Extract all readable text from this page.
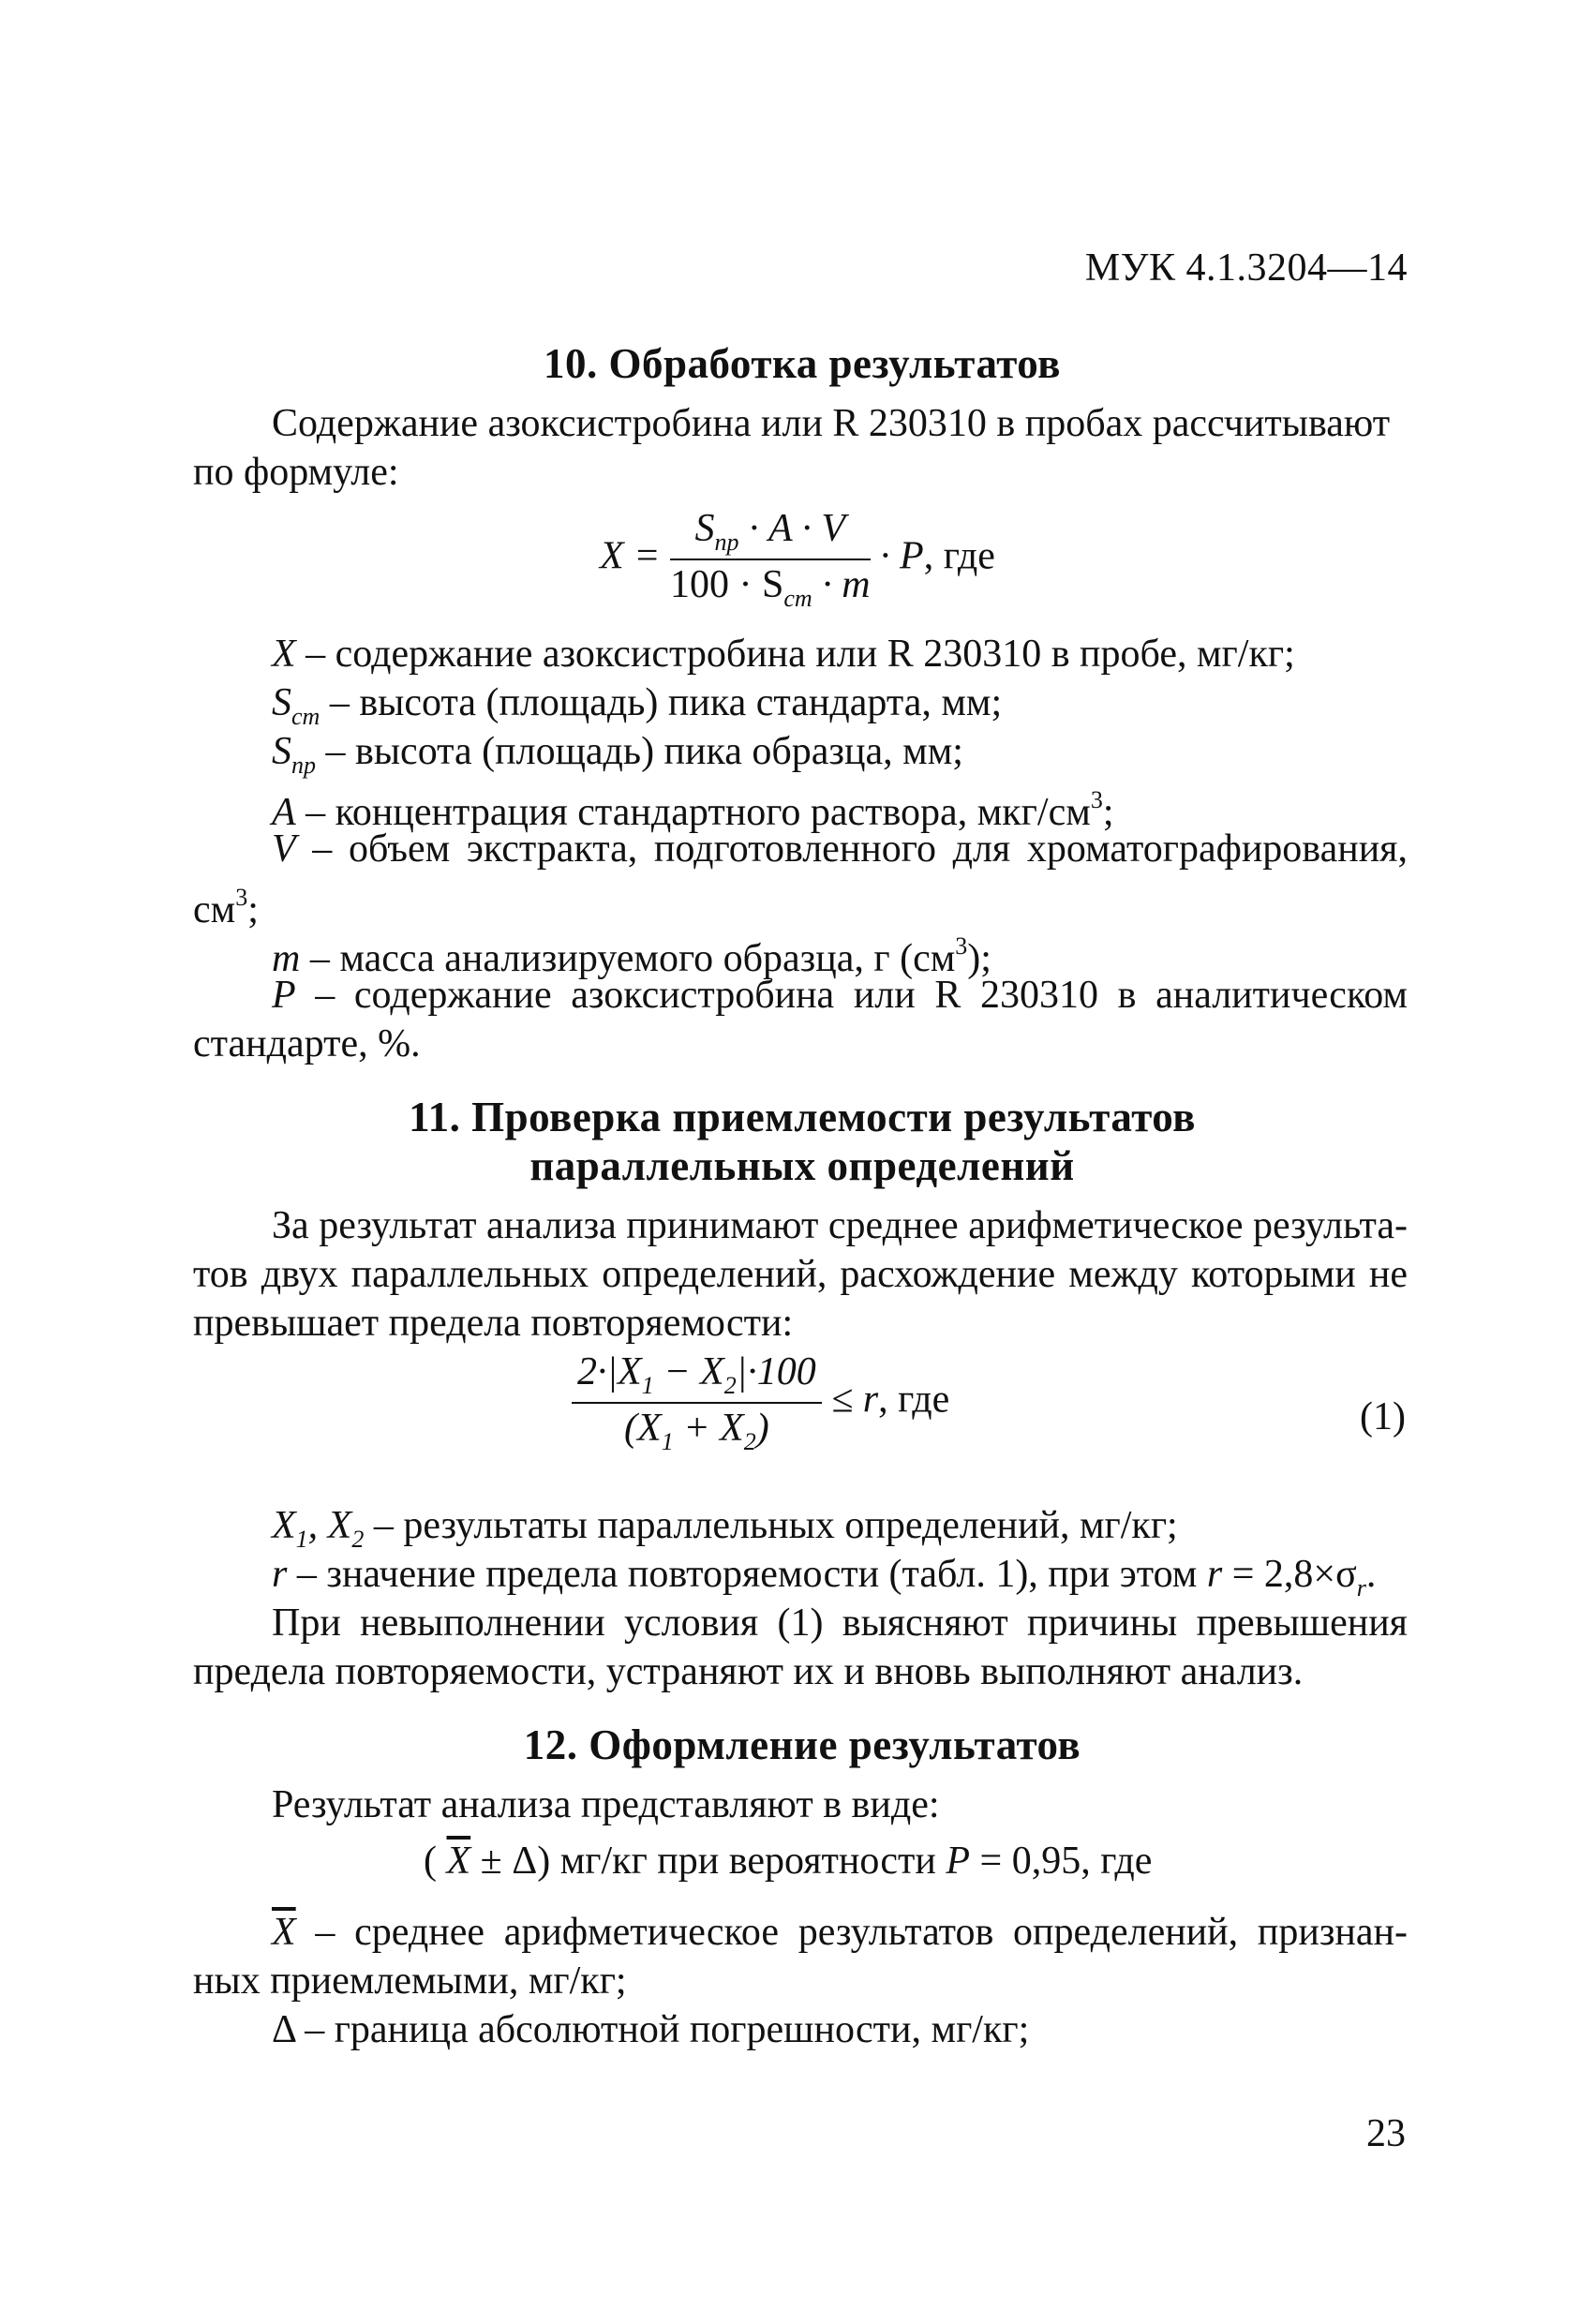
МУК 4.1.3204—14
10. Обработка результатов
Содержание азоксистробина или R 230310 в пробах рассчитывают
по формуле:
$X = \frac{S_{пр} \cdot A \cdot V}{100 \cdot S_{ст} \cdot m} \cdot P$, где
X – содержание азоксистробина или R 230310 в пробе, мг/кг;
$S_{ст}$ – высота (площадь) пика стандарта, мм;
$S_{пр}$ – высота (площадь) пика образца, мм;
A – концентрация стандартного раствора, мкг/$см^3$;
V – объем экстракта, подготовленного для хроматографирования,
$см^3$;
m – масса анализируемого образца, г $(см^3)$;
P – содержание азоксистробина или R 230310 в аналитическом
стандарте, %.
11. Проверка приемлемости результатов
параллельных определений
За результат анализа принимают среднее арифметическое результа-
тов двух параллельных определений, расхождение между которыми не
превышает предела повторяемости:
$\frac{2\cdot|X_1 - X_2|\cdot 100}{(X_1 + X_2)} \le r$, где	(1)
$X_1$, $X_2$ – результаты параллельных определений, мг/кг;
r – значение предела повторяемости (табл. 1), при этом $r = 2,8\times\sigma_r$.
При невыполнении условия (1) выясняют причины превышения
предела повторяемости, устраняют их и вновь выполняют анализ.
12. Оформление результатов
Результат анализа представляют в виде:
( $\overline{X} \pm \Delta$) мг/кг при вероятности P = 0,95, где
$\overline{X}$ – среднее арифметическое результатов определений, признан-
ных приемлемыми, мг/кг;
Δ – граница абсолютной погрешности, мг/кг;
23
